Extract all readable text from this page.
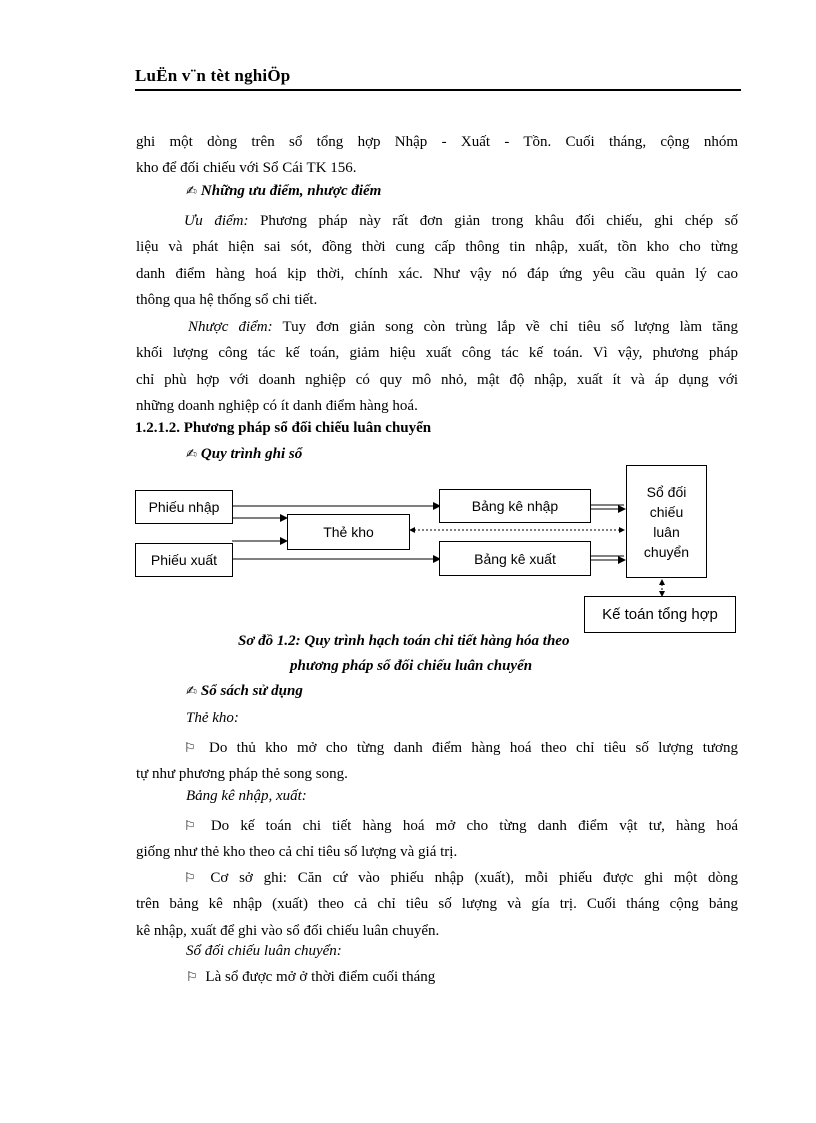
LuËn v¨n tèt nghiÖp
ghi một dòng trên sổ tổng hợp Nhập - Xuất - Tồn. Cuối tháng, cộng nhóm
kho để đối chiếu với Sổ Cái TK 156.
✍ Những ưu điểm, nhược điểm
Ưu điểm: Phương pháp này rất đơn giản trong khâu đối chiếu, ghi chép số
liệu và phát hiện sai sót, đồng thời cung cấp thông tin nhập, xuất, tồn kho cho từng
danh điểm hàng hoá kịp thời, chính xác. Như vậy nó đáp ứng yêu cầu quản lý cao
thông qua hệ thống sổ chi tiết.
Nhược điểm: Tuy đơn giản song còn trùng lắp về chỉ tiêu số lượng làm tăng
khối lượng công tác kế toán, giảm hiệu xuất công tác kế toán. Vì vậy, phương pháp
chỉ phù hợp với doanh nghiệp có quy mô nhỏ, mật độ nhập, xuất ít và áp dụng với
những doanh nghiệp có ít danh điểm hàng hoá.
1.2.1.2. Phương pháp sổ đối chiếu luân chuyển
✍ Quy trình ghi sổ
Phiếu nhập
Phiếu xuất
Thẻ kho
Bảng kê nhập
Bảng kê xuất
Sổ đối
chiếu
luân
chuyển
Kế toán tổng hợp
Sơ đồ 1.2: Quy trình hạch toán chi tiết hàng hóa theo
phương pháp sổ đối chiếu luân chuyển
✍ Sổ sách sử dụng
Thẻ kho:
⚐ Do thủ kho mở cho từng danh điểm hàng hoá theo chỉ tiêu số lượng tương
tự như phương pháp thẻ song song.
Bảng kê nhập, xuất:
⚐ Do kế toán chi tiết hàng hoá mở cho từng danh điểm vật tư, hàng hoá
giống như thẻ kho theo cả chỉ tiêu số lượng và giá trị.
⚐ Cơ sở ghi: Căn cứ vào phiếu nhập (xuất), mỗi phiếu được ghi một dòng
trên bảng kê nhập (xuất) theo cả chỉ tiêu số lượng và gía trị. Cuối tháng cộng bảng
kê nhập, xuất để ghi vào sổ đối chiếu luân chuyển.
Sổ đối chiếu luân chuyển:
⚐ Là sổ được mở ở thời điểm cuối tháng
